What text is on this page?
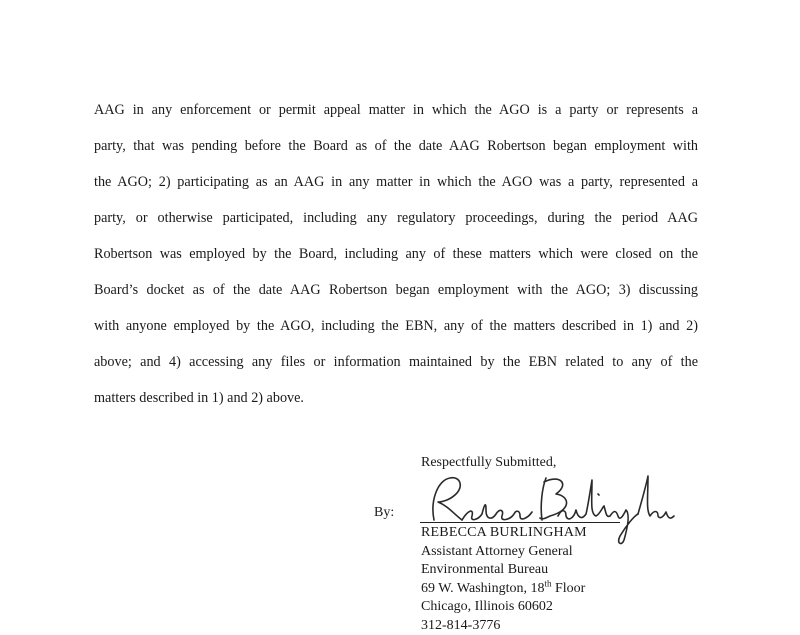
AAG in any enforcement or permit appeal matter in which the AGO is a party or represents a
party, that was pending before the Board as of the date AAG Robertson began employment with
the AGO; 2) participating as an AAG in any matter in which the AGO was a party, represented a
party, or otherwise participated, including any regulatory proceedings, during the period AAG
Robertson was employed by the Board, including any of these matters which were closed on the
Board’s docket as of the date AAG Robertson began employment with the AGO; 3) discussing
with anyone employed by the AGO, including the EBN, any of the matters described in 1) and 2)
above; and 4) accessing any files or information maintained by the EBN related to any of the
matters described in 1) and 2) above.

Respectfully Submitted,

By:
REBECCA BURLINGHAM
Assistant Attorney General
Environmental Bureau
69 W. Washington, 18th Floor
Chicago, Illinois 60602
312-814-3776
